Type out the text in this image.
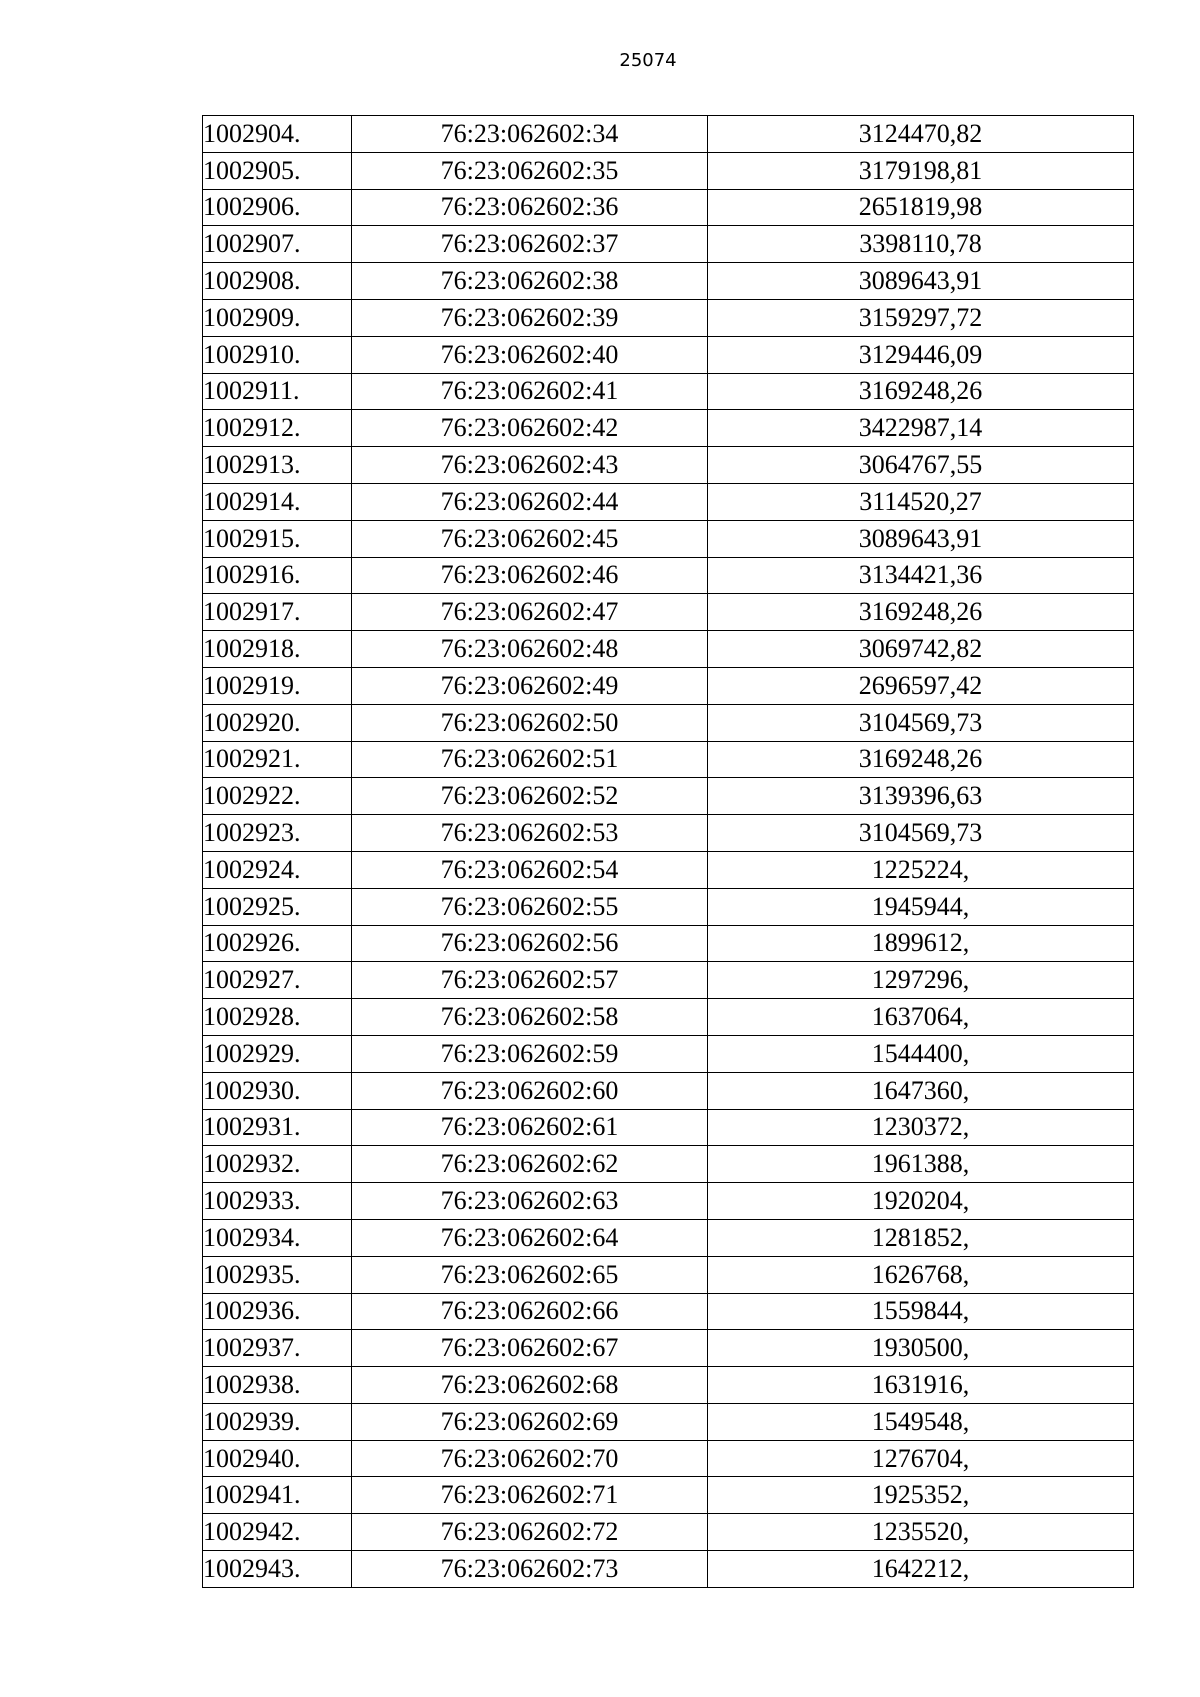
25074
1002904.	76:23:062602:34	3124470,82
1002905.	76:23:062602:35	3179198,81
1002906.	76:23:062602:36	2651819,98
1002907.	76:23:062602:37	3398110,78
1002908.	76:23:062602:38	3089643,91
1002909.	76:23:062602:39	3159297,72
1002910.	76:23:062602:40	3129446,09
1002911.	76:23:062602:41	3169248,26
1002912.	76:23:062602:42	3422987,14
1002913.	76:23:062602:43	3064767,55
1002914.	76:23:062602:44	3114520,27
1002915.	76:23:062602:45	3089643,91
1002916.	76:23:062602:46	3134421,36
1002917.	76:23:062602:47	3169248,26
1002918.	76:23:062602:48	3069742,82
1002919.	76:23:062602:49	2696597,42
1002920.	76:23:062602:50	3104569,73
1002921.	76:23:062602:51	3169248,26
1002922.	76:23:062602:52	3139396,63
1002923.	76:23:062602:53	3104569,73
1002924.	76:23:062602:54	1225224,
1002925.	76:23:062602:55	1945944,
1002926.	76:23:062602:56	1899612,
1002927.	76:23:062602:57	1297296,
1002928.	76:23:062602:58	1637064,
1002929.	76:23:062602:59	1544400,
1002930.	76:23:062602:60	1647360,
1002931.	76:23:062602:61	1230372,
1002932.	76:23:062602:62	1961388,
1002933.	76:23:062602:63	1920204,
1002934.	76:23:062602:64	1281852,
1002935.	76:23:062602:65	1626768,
1002936.	76:23:062602:66	1559844,
1002937.	76:23:062602:67	1930500,
1002938.	76:23:062602:68	1631916,
1002939.	76:23:062602:69	1549548,
1002940.	76:23:062602:70	1276704,
1002941.	76:23:062602:71	1925352,
1002942.	76:23:062602:72	1235520,
1002943.	76:23:062602:73	1642212,
